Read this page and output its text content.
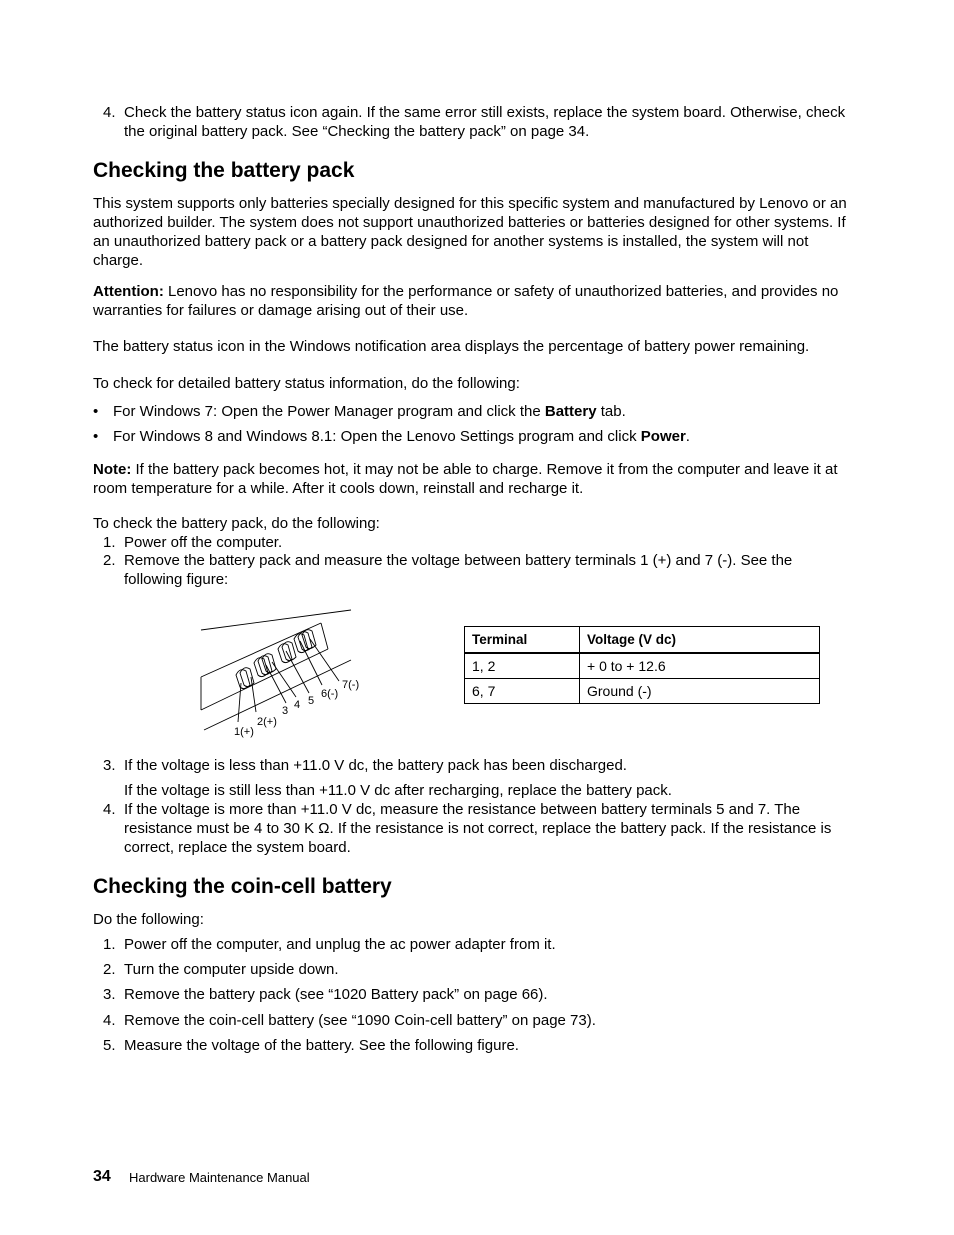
4. Check the battery status icon again. If the same error still exists, replace the system board. Otherwise, check the original battery pack. See “Checking the battery pack” on page 34.
Checking the battery pack
This system supports only batteries specially designed for this specific system and manufactured by Lenovo or an authorized builder. The system does not support unauthorized batteries or batteries designed for other systems. If an unauthorized battery pack or a battery pack designed for another systems is installed, the system will not charge.
Attention: Lenovo has no responsibility for the performance or safety of unauthorized batteries, and provides no warranties for failures or damage arising out of their use.
The battery status icon in the Windows notification area displays the percentage of battery power remaining.
To check for detailed battery status information, do the following:
• For Windows 7: Open the Power Manager program and click the Battery tab.
• For Windows 8 and Windows 8.1: Open the Lenovo Settings program and click Power.
Note: If the battery pack becomes hot, it may not be able to charge. Remove it from the computer and leave it at room temperature for a while. After it cools down, reinstall and recharge it.
To check the battery pack, do the following:
1. Power off the computer.
2. Remove the battery pack and measure the voltage between battery terminals 1 (+) and 7 (-). See the following figure:
1(+)
2(+)
3 4 5
6(-)
7(-)
Terminal	Voltage (V dc)
1, 2	+ 0 to + 12.6
6, 7	Ground (-)
3. If the voltage is less than +11.0 V dc, the battery pack has been discharged.
If the voltage is still less than +11.0 V dc after recharging, replace the battery pack.
4. If the voltage is more than +11.0 V dc, measure the resistance between battery terminals 5 and 7. The resistance must be 4 to 30 K Ω. If the resistance is not correct, replace the battery pack. If the resistance is correct, replace the system board.
Checking the coin-cell battery
Do the following:
1. Power off the computer, and unplug the ac power adapter from it.
2. Turn the computer upside down.
3. Remove the battery pack (see “1020 Battery pack” on page 66).
4. Remove the coin-cell battery (see “1090 Coin-cell battery” on page 73).
5. Measure the voltage of the battery. See the following figure.
34 Hardware Maintenance Manual
